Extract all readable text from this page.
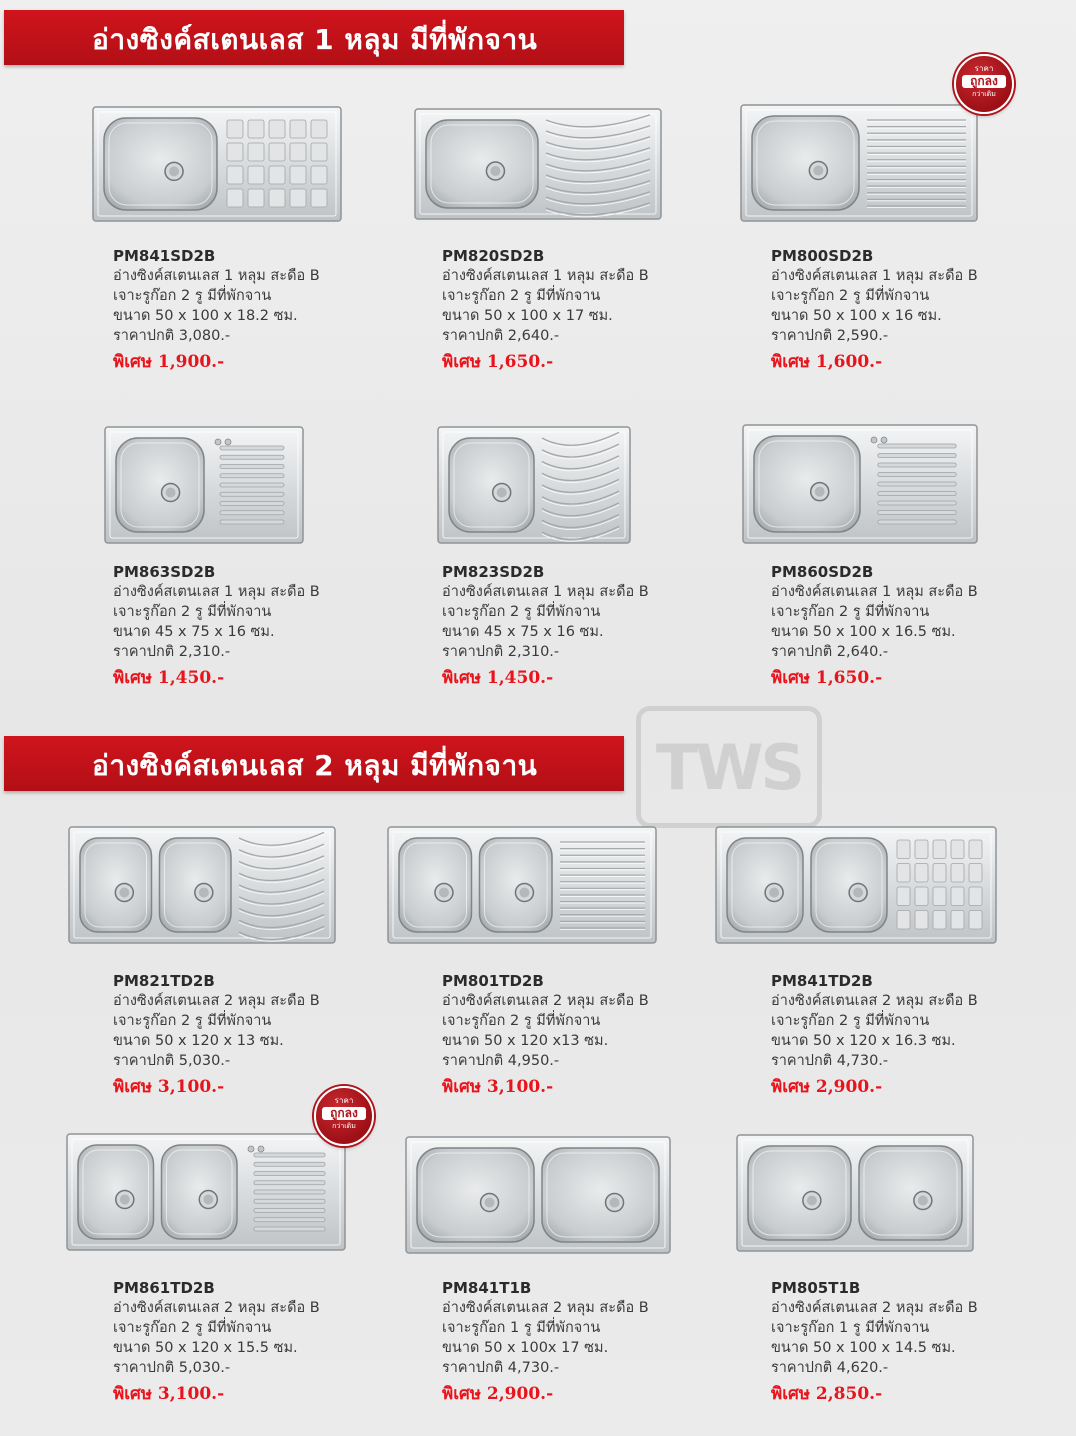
อ่างซิงค์สเตนเลส 1 หลุม มีที่พักจาน
อ่างซิงค์สเตนเลส 2 หลุม มีที่พักจาน TWS
PM841SD2B
อ่างซิงค์สเตนเลส 1 หลุม สะดือ B
เจาะรูก๊อก 2 รู มีที่พักจาน
ขนาด 50 x 100 x 18.2 ซม.
ราคาปกติ 3,080.-
พิเศษ 1,900.-
PM820SD2B
อ่างซิงค์สเตนเลส 1 หลุม สะดือ B
เจาะรูก๊อก 2 รู มีที่พักจาน
ขนาด 50 x 100 x 17 ซม.
ราคาปกติ 2,640.-
พิเศษ 1,650.-
PM800SD2B
อ่างซิงค์สเตนเลส 1 หลุม สะดือ B
เจาะรูก๊อก 2 รู มีที่พักจาน
ขนาด 50 x 100 x 16 ซม.
ราคาปกติ 2,590.-
พิเศษ 1,600.-
PM863SD2B
อ่างซิงค์สเตนเลส 1 หลุม สะดือ B
เจาะรูก๊อก 2 รู มีที่พักจาน
ขนาด 45 x 75 x 16 ซม.
ราคาปกติ 2,310.-
พิเศษ 1,450.-
PM823SD2B
อ่างซิงค์สเตนเลส 1 หลุม สะดือ B
เจาะรูก๊อก 2 รู มีที่พักจาน
ขนาด 45 x 75 x 16 ซม.
ราคาปกติ 2,310.-
พิเศษ 1,450.-
PM860SD2B
อ่างซิงค์สเตนเลส 1 หลุม สะดือ B
เจาะรูก๊อก 2 รู มีที่พักจาน
ขนาด 50 x 100 x 16.5 ซม.
ราคาปกติ 2,640.-
พิเศษ 1,650.-
PM821TD2B
อ่างซิงค์สเตนเลส 2 หลุม สะดือ B
เจาะรูก๊อก 2 รู มีที่พักจาน
ขนาด 50 x 120 x 13 ซม.
ราคาปกติ 5,030.-
พิเศษ 3,100.-
PM801TD2B
อ่างซิงค์สเตนเลส 2 หลุม สะดือ B
เจาะรูก๊อก 2 รู มีที่พักจาน
ขนาด 50 x 120 x13 ซม.
ราคาปกติ 4,950.-
พิเศษ 3,100.-
PM841TD2B
อ่างซิงค์สเตนเลส 2 หลุม สะดือ B
เจาะรูก๊อก 2 รู มีที่พักจาน
ขนาด 50 x 120 x 16.3 ซม.
ราคาปกติ 4,730.-
พิเศษ 2,900.-
PM861TD2B
อ่างซิงค์สเตนเลส 2 หลุม สะดือ B
เจาะรูก๊อก 2 รู มีที่พักจาน
ขนาด 50 x 120 x 15.5 ซม.
ราคาปกติ 5,030.-
พิเศษ 3,100.-
PM841T1B
อ่างซิงค์สเตนเลส 2 หลุม สะดือ B
เจาะรูก๊อก 1 รู มีที่พักจาน
ขนาด 50 x 100x 17 ซม.
ราคาปกติ 4,730.-
พิเศษ 2,900.-
PM805T1B
อ่างซิงค์สเตนเลส 2 หลุม สะดือ B
เจาะรูก๊อก 1 รู มีที่พักจาน
ขนาด 50 x 100 x 14.5 ซม.
ราคาปกติ 4,620.-
พิเศษ 2,850.-
ราคา
ถูกลง
กว่าเดิม
ราคา
ถูกลง
กว่าเดิม
